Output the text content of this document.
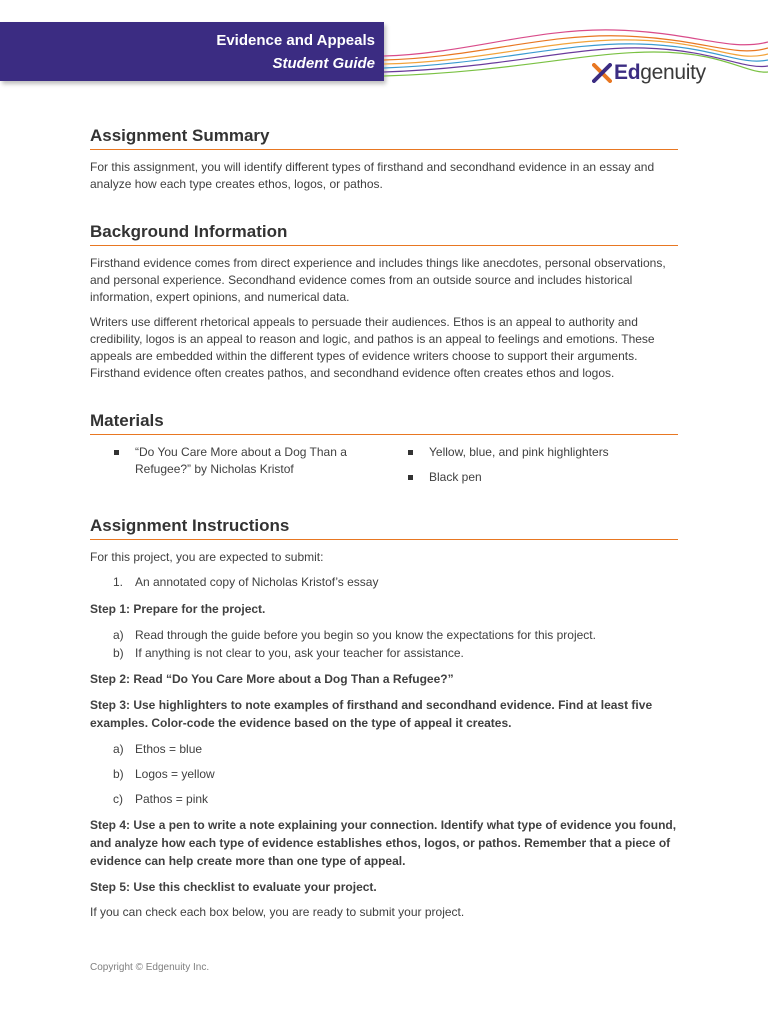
Evidence and Appeals
Student Guide	Edgenuity
Assignment Summary

For this assignment, you will identify different types of firsthand and secondhand evidence in an essay and analyze how each type creates ethos, logos, or pathos.

Background Information

Firsthand evidence comes from direct experience and includes things like anecdotes, personal observations, and personal experience. Secondhand evidence comes from an outside source and includes historical information, expert opinions, and numerical data.

Writers use different rhetorical appeals to persuade their audiences. Ethos is an appeal to authority and credibility, logos is an appeal to reason and logic, and pathos is an appeal to feelings and emotions. These appeals are embedded within the different types of evidence writers choose to support their arguments. Firsthand evidence often creates pathos, and secondhand evidence often creates ethos and logos.

Materials
“Do You Care More about a Dog Than a Refugee?” by Nicholas Kristof
Yellow, blue, and pink highlighters
Black pen
Assignment Instructions

For this project, you are expected to submit:

1. An annotated copy of Nicholas Kristof’s essay
Step 1: Prepare for the project.
a) Read through the guide before you begin so you know the expectations for this project.
b) If anything is not clear to you, ask your teacher for assistance.
Step 2: Read “Do You Care More about a Dog Than a Refugee?”
Step 3: Use highlighters to note examples of firsthand and secondhand evidence. Find at least five examples. Color-code the evidence based on the type of appeal it creates.
a) Ethos = blue
b) Logos = yellow
c) Pathos = pink
Step 4: Use a pen to write a note explaining your connection. Identify what type of evidence you found, and analyze how each type of evidence establishes ethos, logos, or pathos. Remember that a piece of evidence can help create more than one type of appeal.
Step 5: Use this checklist to evaluate your project.

If you can check each box below, you are ready to submit your project.

Copyright © Edgenuity Inc.
